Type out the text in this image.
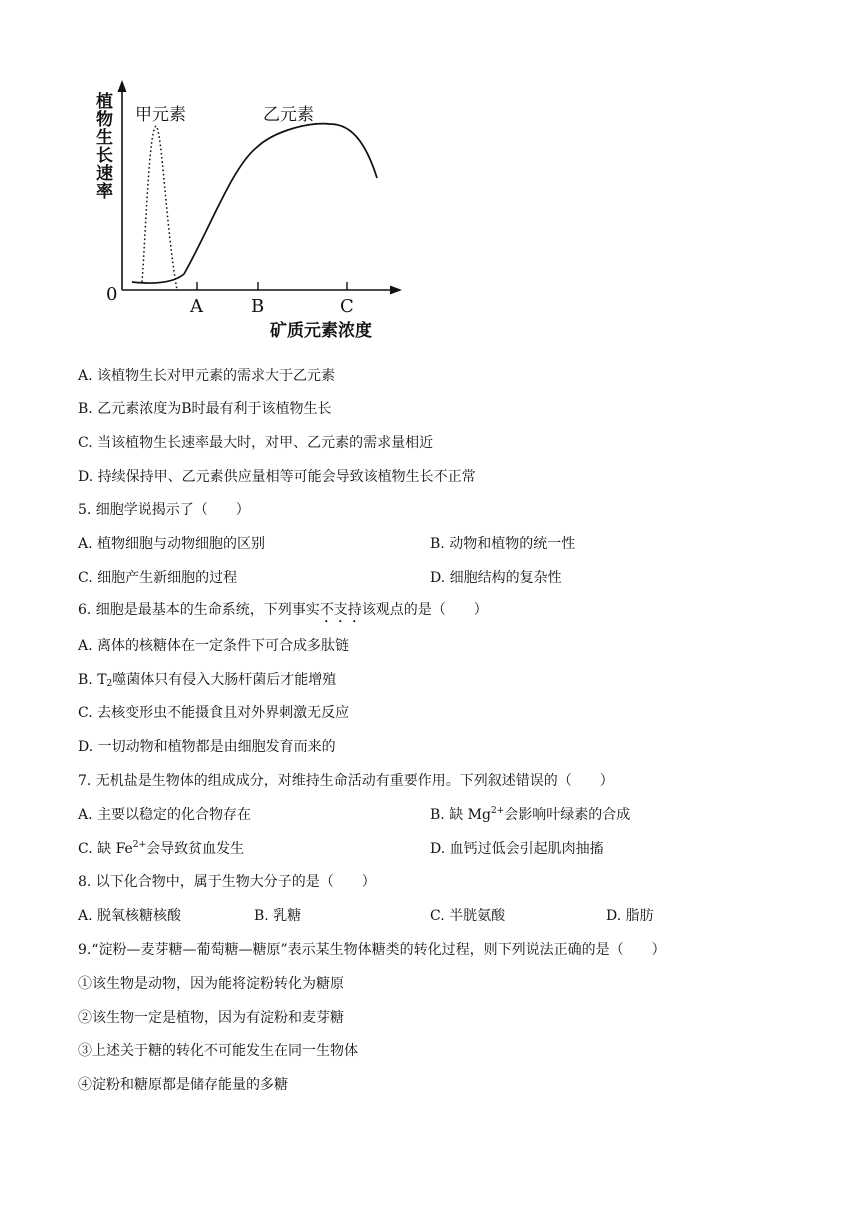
植物生长速率
0
甲元素	乙元素
A	B	C
矿质元素浓度
A. 该植物生长对甲元素的需求大于乙元素
B. 乙元素浓度为B时最有利于该植物生长
C. 当该植物生长速率最大时，对甲、乙元素的需求量相近
D. 持续保持甲、乙元素供应量相等可能会导致该植物生长不正常
5. 细胞学说揭示了（　　）
A. 植物细胞与动物细胞的区别	B. 动物和植物的统一性
C. 细胞产生新细胞的过程	D. 细胞结构的复杂性
6. 细胞是最基本的生命系统，下列事实不支持该观点的是（　　）
A. 离体的核糖体在一定条件下可合成多肽链
B. $T_2$噬菌体只有侵入大肠杆菌后才能增殖
C. 去核变形虫不能摄食且对外界刺激无反应
D. 一切动物和植物都是由细胞发育而来的
7. 无机盐是生物体的组成成分，对维持生命活动有重要作用。下列叙述错误的（　　）
A. 主要以稳定的化合物存在	B. 缺 $Mg^{2+}$会影响叶绿素的合成
C. 缺 $Fe^{2+}$会导致贫血发生	D. 血钙过低会引起肌肉抽搐
8. 以下化合物中，属于生物大分子的是（　　）
A. 脱氧核糖核酸	B. 乳糖	C. 半胱氨酸	D. 脂肪
9.“淀粉—麦芽糖—葡萄糖—糖原”表示某生物体糖类的转化过程，则下列说法正确的是（　　）
①该生物是动物，因为能将淀粉转化为糖原
②该生物一定是植物，因为有淀粉和麦芽糖
③上述关于糖的转化不可能发生在同一生物体
④淀粉和糖原都是储存能量的多糖
